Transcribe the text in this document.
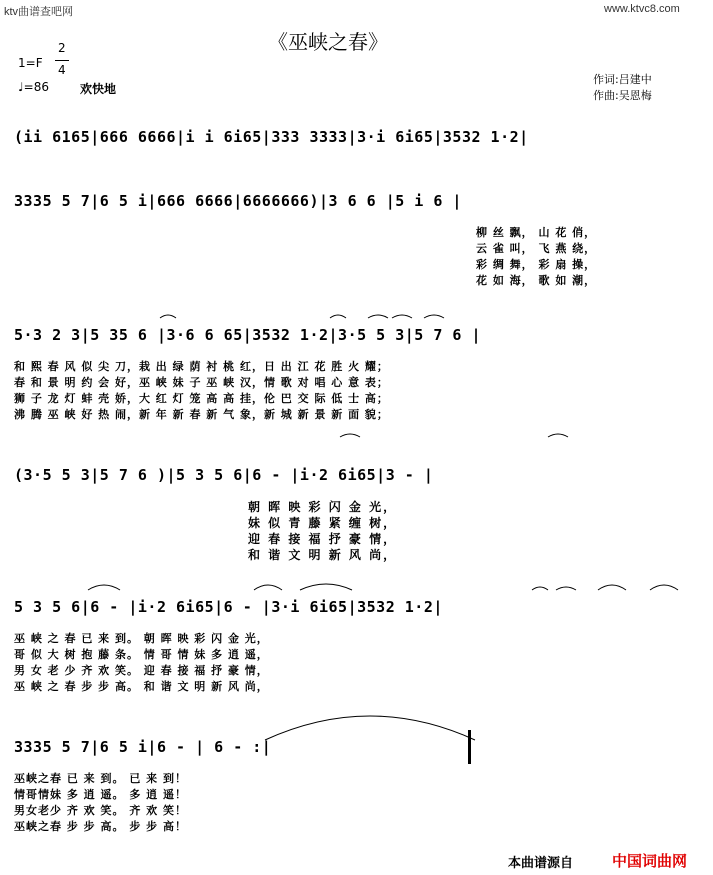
ktv曲谱查吧网	www.ktvc8.com
《巫峡之春》
1=F
2
4
♩=86	欢快地
作词:吕建中
作曲:吴恩梅
(ii 6165|666 6666|i i 6i65|333 3333|3·i 6i65|3532 1·2|
3335 5 7|6 5 i|666 6666|6666666)|3 6 6 |5 i 6 |
柳 丝 飘， 山 花 俏，
云 雀 叫， 飞 燕 绕，
彩 绸 舞， 彩 扇 操，
花 如 海， 歌 如 潮，
5·3 2 3|5 35 6 |3·6 6 65|3532 1·2|3·5 5 3|5 7 6 |
和 熙 春 风 似 尖 刀，栽 出 绿 荫 衬 桃 红，日 出 江 花 胜 火 耀；
春 和 景 明 约 会 好，巫 峡 妹 子 巫 峡 汉，情 歌 对 唱 心 意 表；
狮 子 龙 灯 蚌 壳 娇，大 红 灯 笼 高 高 挂，伦 巴 交 际 低 士 高；
沸 腾 巫 峡 好 热 闹，新 年 新 春 新 气 象，新 城 新 景 新 面 貌；
(3·5 5 3|5 7 6 )|5 3 5 6|6 - |i·2 6i65|3 - |
朝 晖 映 彩 闪 金 光，
妹 似 青 藤 紧 缠 树，
迎 春 接 福 抒 豪 情，
和 谐 文 明 新 风 尚，
5 3 5 6|6 - |i·2 6i65|6 - |3·i 6i65|3532 1·2|
巫 峡 之 春 已 来 到。 朝 晖 映 彩 闪 金 光，
哥 似 大 树 抱 藤 条。 情 哥 情 妹 多 逍 遥，
男 女 老 少 齐 欢 笑。 迎 春 接 福 抒 豪 情，
巫 峡 之 春 步 步 高。 和 谐 文 明 新 风 尚，
3335 5 7|6 5 i|6 - | 6 - :|
巫峡之春 已 来 到。 已 来 到！
情哥情妹 多 逍 遥。 多 逍 遥！
男女老少 齐 欢 笑。 齐 欢 笑！
巫峡之春 步 步 高。 步 步 高！
本曲谱源自	中国词曲网
